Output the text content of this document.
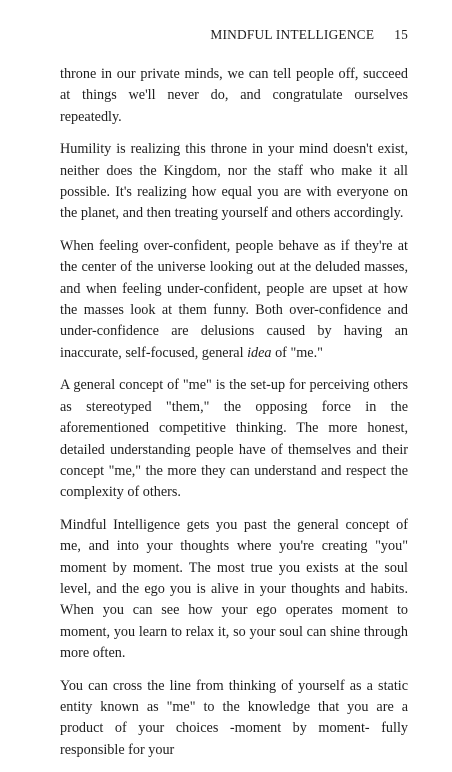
MINDFUL INTELLIGENCE 15

throne in our private minds, we can tell people off, succeed at things we'll never do, and congratulate ourselves repeatedly.

Humility is realizing this throne in your mind doesn't exist, neither does the Kingdom, nor the staff who make it all possible. It's realizing how equal you are with everyone on the planet, and then treating yourself and others accordingly.

When feeling over-confident, people behave as if they're at the center of the universe looking out at the deluded masses, and when feeling under-confident, people are upset at how the masses look at them funny. Both over-confidence and under-confidence are delusions caused by having an inaccurate, self-focused, general idea of "me."

A general concept of "me" is the set-up for perceiving others as stereotyped "them," the opposing force in the aforementioned competitive thinking. The more honest, detailed understanding people have of themselves and their concept "me," the more they can understand and respect the complexity of others.

Mindful Intelligence gets you past the general concept of me, and into your thoughts where you're creating "you" moment by moment. The most true you exists at the soul level, and the ego you is alive in your thoughts and habits. When you can see how your ego operates moment to moment, you learn to relax it, so your soul can shine through more often.

You can cross the line from thinking of yourself as a static entity known as "me" to the knowledge that you are a product of your choices -moment by moment- fully responsible for your
